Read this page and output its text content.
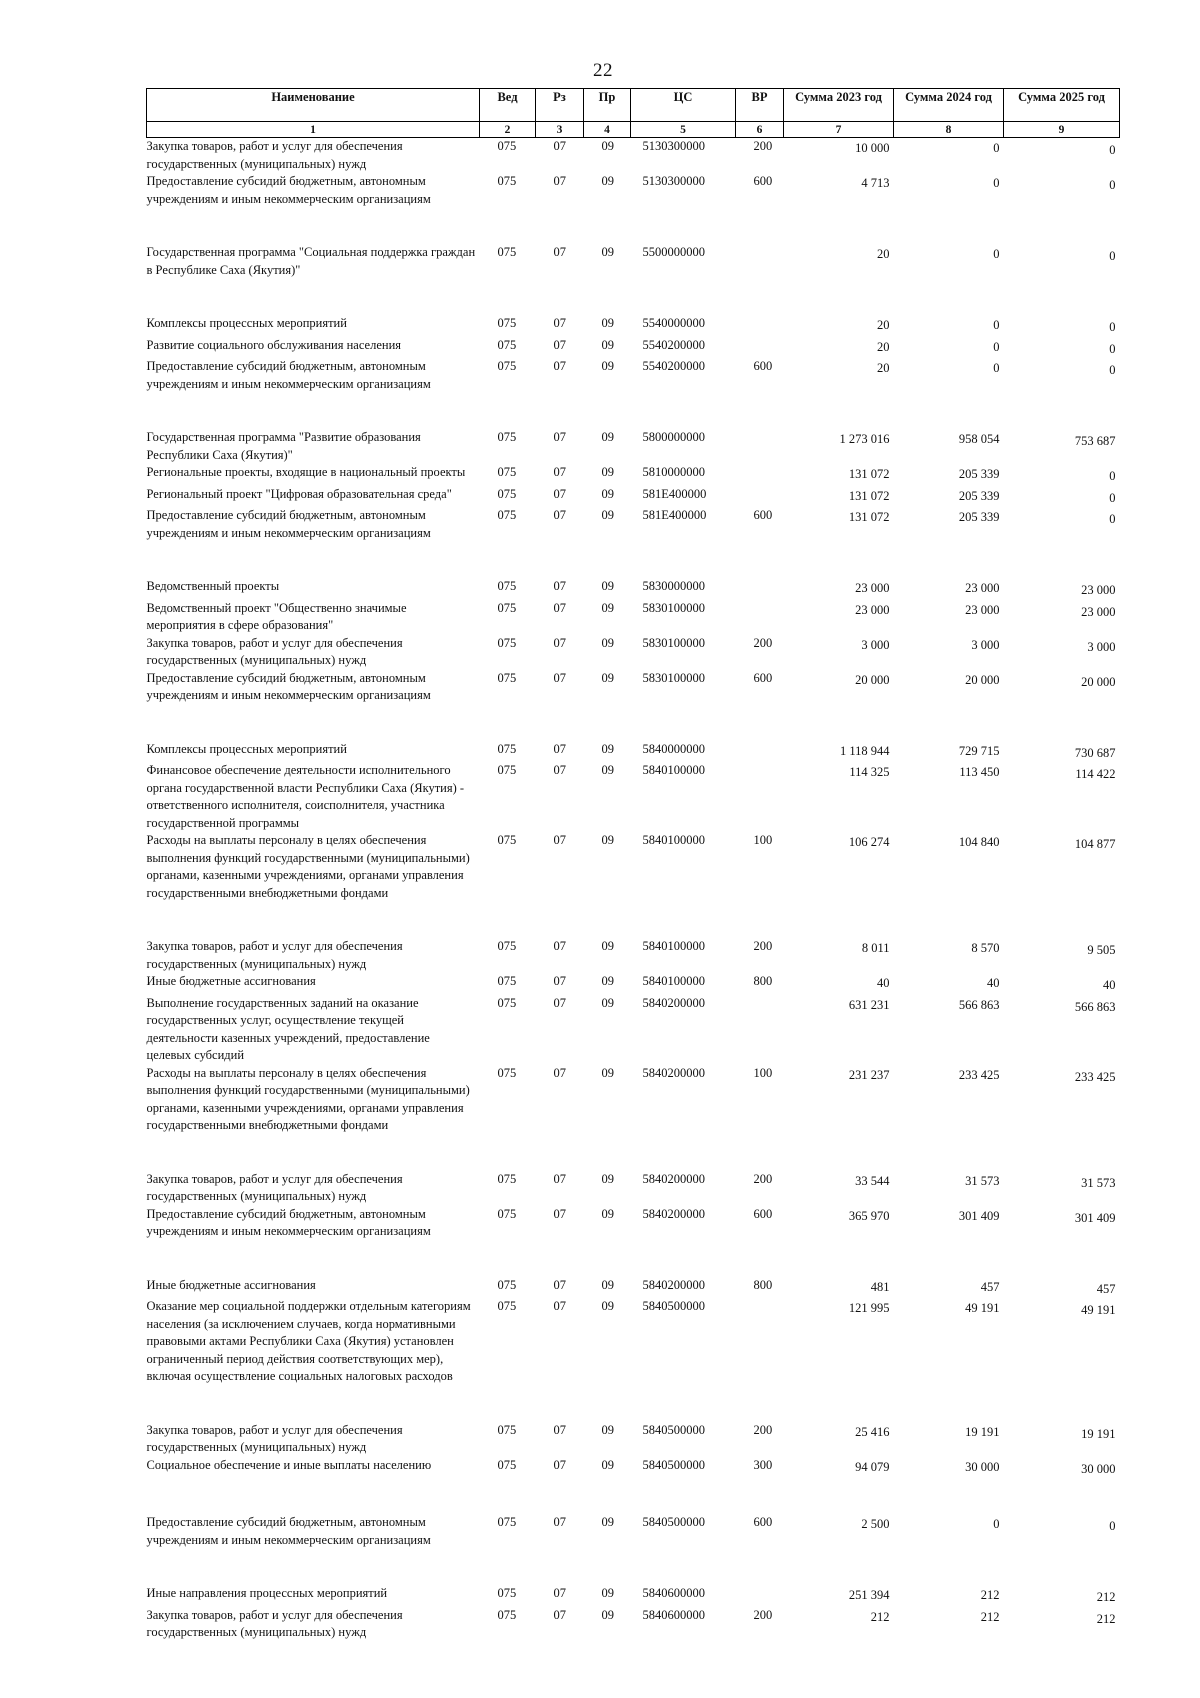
22
Наименование	Вед	Рз	Пр	ЦС	ВР	Сумма 2023 год	Сумма 2024 год	Сумма 2025 год
1	2	3	4	5	6	7	8	9
Закупка товаров, работ и услуг для обеспечения государственных (муниципальных) нужд	075	07	09	5130300000	200	10 000	0	0
Предоставление субсидий бюджетным, автономным учреждениям и иным некоммерческим организациям	075	07	09	5130300000	600	4 713	0	0

Государственная программа "Социальная поддержка граждан в Республике Саха (Якутия)"	075	07	09	5500000000		20	0	0

Комплексы процессных мероприятий	075	07	09	5540000000		20	0	0
Развитие социального обслуживания населения	075	07	09	5540200000		20	0	0
Предоставление субсидий бюджетным, автономным учреждениям и иным некоммерческим организациям	075	07	09	5540200000	600	20	0	0

Государственная программа "Развитие образования Республики Саха (Якутия)"	075	07	09	5800000000		1 273 016	958 054	753 687
Региональные проекты, входящие в национальный проекты	075	07	09	5810000000		131 072	205 339	0
Региональный проект "Цифровая образовательная среда"	075	07	09	581E400000		131 072	205 339	0
Предоставление субсидий бюджетным, автономным учреждениям и иным некоммерческим организациям	075	07	09	581E400000	600	131 072	205 339	0

Ведомственный проекты	075	07	09	5830000000		23 000	23 000	23 000
Ведомственный проект "Общественно значимые мероприятия в сфере образования"	075	07	09	5830100000		23 000	23 000	23 000
Закупка товаров, работ и услуг для обеспечения государственных (муниципальных) нужд	075	07	09	5830100000	200	3 000	3 000	3 000
Предоставление субсидий бюджетным, автономным учреждениям и иным некоммерческим организациям	075	07	09	5830100000	600	20 000	20 000	20 000

Комплексы процессных мероприятий	075	07	09	5840000000		1 118 944	729 715	730 687
Финансовое обеспечение деятельности исполнительного органа государственной власти Республики Саха (Якутия) - ответственного исполнителя, соисполнителя, участника государственной программы	075	07	09	5840100000		114 325	113 450	114 422
Расходы на выплаты персоналу в целях обеспечения выполнения функций государственными (муниципальными) органами, казенными учреждениями, органами управления государственными внебюджетными фондами	075	07	09	5840100000	100	106 274	104 840	104 877

Закупка товаров, работ и услуг для обеспечения государственных (муниципальных) нужд	075	07	09	5840100000	200	8 011	8 570	9 505
Иные бюджетные ассигнования	075	07	09	5840100000	800	40	40	40
Выполнение государственных заданий на оказание государственных услуг, осуществление текущей деятельности казенных учреждений, предоставление целевых субсидий	075	07	09	5840200000		631 231	566 863	566 863
Расходы на выплаты персоналу в целях обеспечения выполнения функций государственными (муниципальными) органами, казенными учреждениями, органами управления государственными внебюджетными фондами	075	07	09	5840200000	100	231 237	233 425	233 425

Закупка товаров, работ и услуг для обеспечения государственных (муниципальных) нужд	075	07	09	5840200000	200	33 544	31 573	31 573
Предоставление субсидий бюджетным, автономным учреждениям и иным некоммерческим организациям	075	07	09	5840200000	600	365 970	301 409	301 409

Иные бюджетные ассигнования	075	07	09	5840200000	800	481	457	457
Оказание мер социальной поддержки отдельным категориям населения (за исключением случаев, когда нормативными правовыми актами Республики Саха (Якутия) установлен ограниченный период действия соответствующих мер), включая осуществление социальных налоговых расходов	075	07	09	5840500000		121 995	49 191	49 191

Закупка товаров, работ и услуг для обеспечения государственных (муниципальных) нужд	075	07	09	5840500000	200	25 416	19 191	19 191
Социальное обеспечение и иные выплаты населению	075	07	09	5840500000	300	94 079	30 000	30 000

Предоставление субсидий бюджетным, автономным учреждениям и иным некоммерческим организациям	075	07	09	5840500000	600	2 500	0	0

Иные направления процессных мероприятий	075	07	09	5840600000		251 394	212	212
Закупка товаров, работ и услуг для обеспечения государственных (муниципальных) нужд	075	07	09	5840600000	200	212	212	212
